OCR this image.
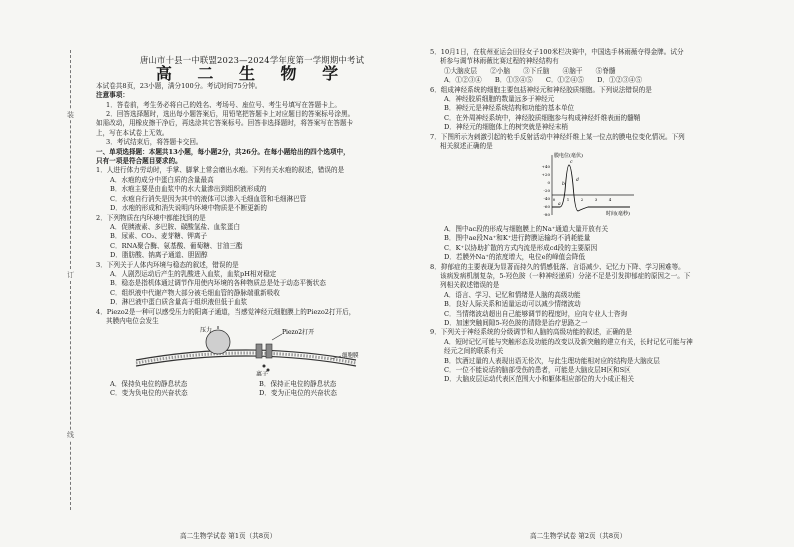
装
订
线
唐山市十县一中联盟2023—2024学年度第一学期期中考试
高 二 生 物 学
本试卷共8页，23小题，满分100分。考试时间75分钟。
注意事项：
1．答卷前，考生务必将自己的姓名、考场号、座位号、考生号填写在答题卡上。
2．回答选择题时，选出每小题答案后，用铅笔把答题卡上对应题目的答案标号涂黑。
如需改动，用橡皮擦干净后，再选涂其它答案标号。回答非选择题时，将答案写在答题卡
上，写在本试卷上无效。
3．考试结束后，将答题卡交回。
一、单项选择题：本题共13小题，每小题2分，共26分。在每小题给出的四个选项中，
只有一项是符合题目要求的。
1．人进行体力劳动时，手掌、脚掌上常会磨出水疱。下列有关水疱的叙述，错误的是
A．水疱的成分中蛋白质的含量最高
B．水疱主要是由血浆中的水大量渗出到组织液形成的
C．水疱自行消失是因为其中的液体可以渗入毛细血管和毛细淋巴管
D．水疱的形成和消失说明内环境中物质是不断更新的
2．下列物质在内环境中都能找到的是
A．促胰液素、多巴胺、碳酸氢盐、血浆蛋白
B．尿素、CO₂、麦芽糖、钾离子
C．RNA聚合酶、氨基酸、葡萄糖、甘油三酯
D．脂肪酸、钠离子通道、胆固醇
3．下列关于人体内环境与稳态的叙述，错误的是
A．人剧烈运动后产生的乳酸进入血浆，血浆pH相对稳定
B．稳态是指机体通过调节作用使内环境的各种物质总是处于动态平衡状态
C．组织液中代谢产物大部分被毛细血管的静脉端重新吸收
D．淋巴液中蛋白质含量高于组织液但低于血浆
4．Piezo2是一种可以感受压力的阳离子通道，当感觉神经元细胞膜上的Piezo2打开后，
其膜内电位会发生
压力	Piezo2打开
细胞膜
离子
A．保持负电位的静息状态	B．保持正电位的静息状态
C．变为负电位的兴奋状态	D．变为正电位的兴奋状态
高二生物学试卷 第1页（共8页）
5．10月1日，在杭州亚运会田径女子100米栏决赛中，中国选手林雨薇夺得金牌。试分
析参与调节林雨薇比赛过程的神经结构有
①大脑皮层　　②小脑　　③下丘脑　　④脑干　　⑤脊髓
A．①②③④　　B．①③④⑤　　C．①②④⑤　　D．①②③④⑤
6．组成神经系统的细胞主要包括神经元和神经胶质细胞。下列说法错误的是
A．神经胶质细胞的数量远多于神经元
B．神经元是神经系统结构和功能的基本单位
C．在外周神经系统中，神经胶质细胞参与构成神经纤维表面的髓鞘
D．神经元的细胞体上的树突就是神经末梢
7．下图所示为刺激引起的枪手反射活动中神经纤维上某一位点的膜电位变化情况。下列
相关叙述正确的是
膜电位(毫伏)
时间(毫秒)
+40
+20
0
-20
-40
-60
-80
0	1	2	3	4
a
b
c
d
A．图中ac段的形成与细胞膜上的Na⁺通道大量开放有关
B．图中ae段Na⁺和K⁺进行跨膜运输均不消耗能量
C．K⁺以协助扩散的方式内流是形成cd段的主要原因
D．若膜外Na⁺的浓度增大，电位e的峰值会降低
8．抑郁症的主要表现为显著而持久的情感低落、言语减少、记忆力下降、学习困难等。
该病发病机制复杂，5-羟色胺（一种神经递质）分泌不足是引发抑郁症的原因之一。下
列相关叙述错误的是
A．语言、学习、记忆和情绪是人脑的高级功能
B．良好人际关系和适量运动可以减少情绪波动
C．当情绪波动超出自己能够调节的程度时，应向专业人士咨询
D．加速突触间隙5-羟色胺的清除是治疗思路之一
9．下列关于神经系统的分级调节和人脑的高级功能的叙述，正确的是
A．短时记忆可能与突触形态及功能的改变以及新突触的建立有关，长时记忆可能与神
经元之间的联系有关
B．饮酒过量的人表现出语无伦次，与此生理功能相对应的结构是大脑皮层
C．一位不能说话的脑部受伤的患者，可能是大脑皮层H区和S区
D．大脑皮层运动代表区范围大小和躯体相应部位的大小成正相关
高二生物学试卷 第2页（共8页）
